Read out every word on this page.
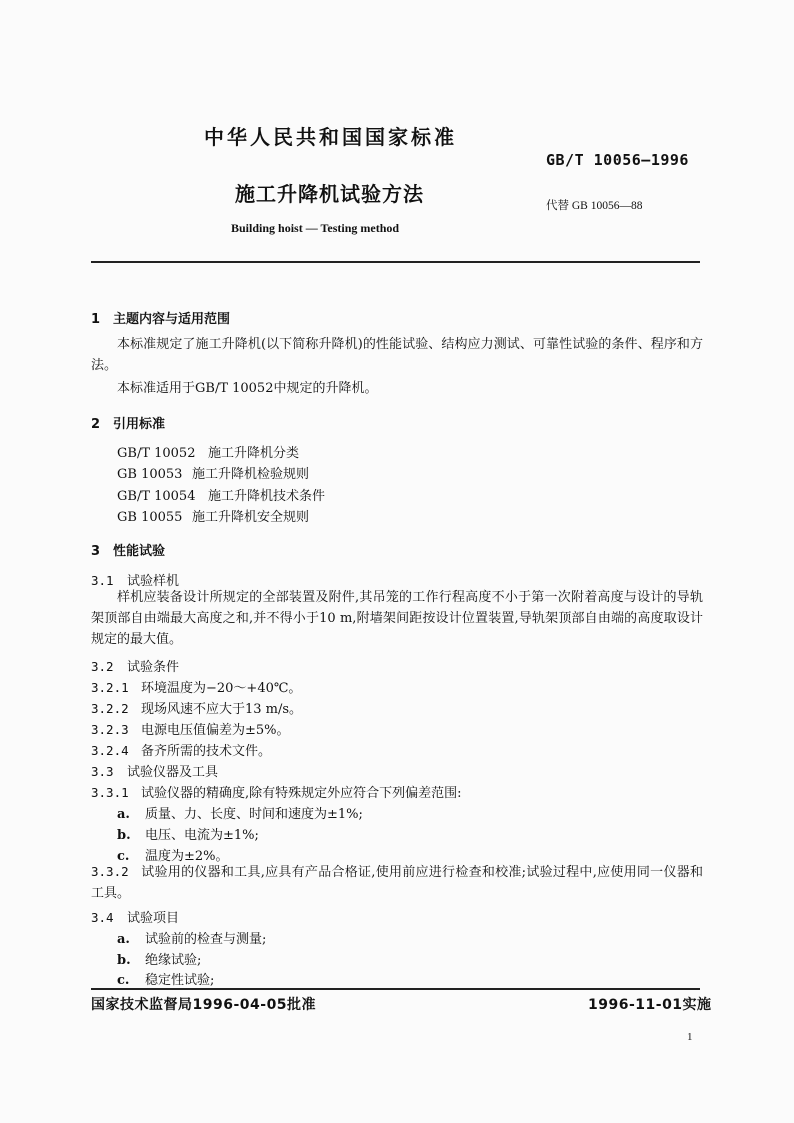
中华人民共和国国家标准
GB/T 10056—1996
施工升降机试验方法	代替 GB 10056—88
Building hoist — Testing method
1 主题内容与适用范围
本标准规定了施工升降机(以下简称升降机)的性能试验、结构应力测试、可靠性试验的条件、程序和方法。
本标准适用于GB/T 10052中规定的升降机。
2 引用标准
GB/T 10052 施工升降机分类
GB 10053 施工升降机检验规则
GB/T 10054 施工升降机技术条件
GB 10055 施工升降机安全规则
3 性能试验
3.1 试验样机
样机应装备设计所规定的全部装置及附件,其吊笼的工作行程高度不小于第一次附着高度与设计的导轨架顶部自由端最大高度之和,并不得小于10 m,附墙架间距按设计位置装置,导轨架顶部自由端的高度取设计规定的最大值。
3.2 试验条件
3.2.1 环境温度为−20～+40℃。
3.2.2 现场风速不应大于13 m/s。
3.2.3 电源电压值偏差为±5%。
3.2.4 备齐所需的技术文件。
3.3 试验仪器及工具
3.3.1 试验仪器的精确度,除有特殊规定外应符合下列偏差范围:
a. 质量、力、长度、时间和速度为±1%;
b. 电压、电流为±1%;
c. 温度为±2%。
3.3.2 试验用的仪器和工具,应具有产品合格证,使用前应进行检查和校准;试验过程中,应使用同一仪器和工具。
3.4 试验项目
a. 试验前的检查与测量;
b. 绝缘试验;
c. 稳定性试验;
国家技术监督局1996-04-05批准	1996-11-01实施
1
